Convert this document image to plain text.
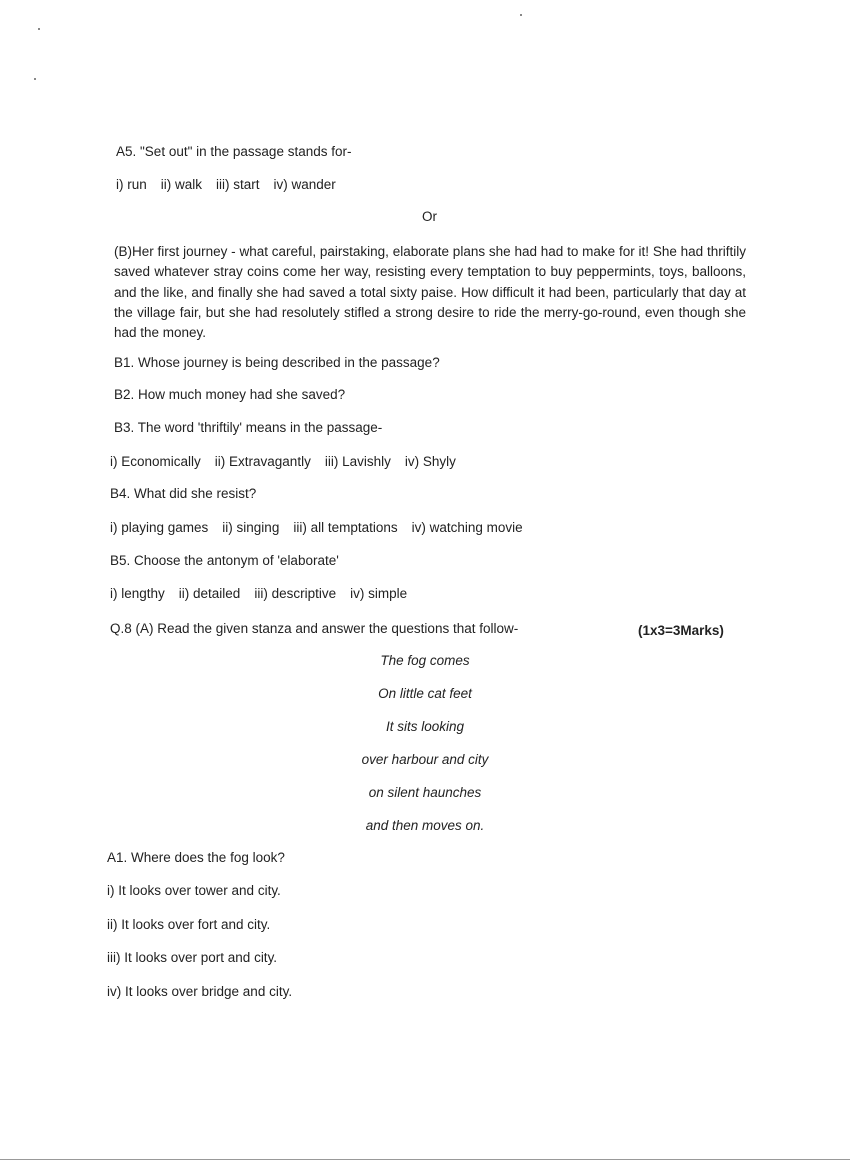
A5. "Set out" in the passage stands for-
i) run ii) walk iii) start iv) wander
Or
(B)Her first journey - what careful, pairstaking, elaborate plans she had had to make for it! She had thriftily saved whatever stray coins come her way, resisting every temptation to buy peppermints, toys, balloons, and the like, and finally she had saved a total sixty paise. How difficult it had been, particularly that day at the village fair, but she had resolutely stifled a strong desire to ride the merry-go-round, even though she had the money.
B1. Whose journey is being described in the passage?
B2. How much money had she saved?
B3. The word 'thriftily' means in the passage-
i) Economically ii) Extravagantly iii) Lavishly iv) Shyly
B4. What did she resist?
i) playing games ii) singing iii) all temptations iv) watching movie
B5. Choose the antonym of 'elaborate'
i) lengthy ii) detailed iii) descriptive iv) simple
Q.8 (A) Read the given stanza and answer the questions that follow-	(1x3=3Marks)
The fog comes
On little cat feet
It sits looking
over harbour and city
on silent haunches
and then moves on.
A1. Where does the fog look?
i) It looks over tower and city.
ii) It looks over fort and city.
iii) It looks over port and city.
iv) It looks over bridge and city.
